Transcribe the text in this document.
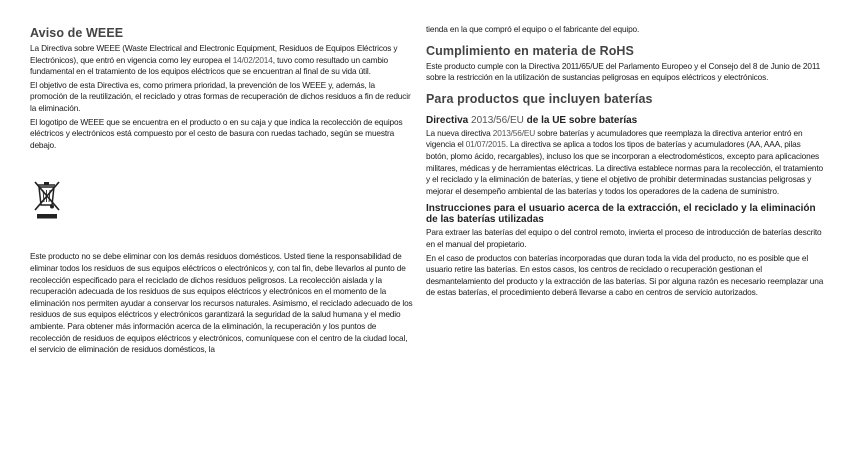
Aviso de WEEE

La Directiva sobre WEEE (Waste Electrical and Electronic Equipment, Residuos de Equipos Eléctricos y Electrónicos), que entró en vigencia como ley europea el 14/02/2014, tuvo como resultado un cambio fundamental en el tratamiento de los equipos eléctricos que se encuentran al final de su vida útil.

El objetivo de esta Directiva es, como primera prioridad, la prevención de los WEEE y, además, la promoción de la reutilización, el reciclado y otras formas de recuperación de dichos residuos a fin de reducir la eliminación.

El logotipo de WEEE que se encuentra en el producto o en su caja y que indica la recolección de equipos eléctricos y electrónicos está compuesto por el cesto de basura con ruedas tachado, según se muestra debajo.

Este producto no se debe eliminar con los demás residuos domésticos. Usted tiene la responsabilidad de eliminar todos los residuos de sus equipos eléctricos o electrónicos y, con tal fin, debe llevarlos al punto de recolección especificado para el reciclado de dichos residuos peligrosos. La recolección aislada y la recuperación adecuada de los residuos de sus equipos eléctricos y electrónicos en el momento de la eliminación nos permiten ayudar a conservar los recursos naturales. Asimismo, el reciclado adecuado de los residuos de sus equipos eléctricos y electrónicos garantizará la seguridad de la salud humana y el medio ambiente. Para obtener más información acerca de la eliminación, la recuperación y los puntos de recolección de residuos de equipos eléctricos y electrónicos, comuníquese con el centro de la ciudad local, el servicio de eliminación de residuos domésticos, la

tienda en la que compró el equipo o el fabricante del equipo.

Cumplimiento en materia de RoHS

Este producto cumple con la Directiva 2011/65/UE del Parlamento Europeo y el Consejo del 8 de Junio de 2011 sobre la restricción en la utilización de sustancias peligrosas en equipos eléctricos y electrónicos.

Para productos que incluyen baterías
Directiva 2013/56/EU de la UE sobre baterías

La nueva directiva 2013/56/EU sobre baterías y acumuladores que reemplaza la directiva anterior entró en vigencia el 01/07/2015. La directiva se aplica a todos los tipos de baterías y acumuladores (AA, AAA, pilas botón, plomo ácido, recargables), incluso los que se incorporan a electrodomésticos, excepto para aplicaciones militares, médicas y de herramientas eléctricas. La directiva establece normas para la recolección, el tratamiento y el reciclado y la eliminación de baterías, y tiene el objetivo de prohibir determinadas sustancias peligrosas y mejorar el desempeño ambiental de las baterías y todos los operadores de la cadena de suministro.

Instrucciones para el usuario acerca de la extracción, el reciclado y la eliminación de las baterías utilizadas

Para extraer las baterías del equipo o del control remoto, invierta el proceso de introducción de baterías descrito en el manual del propietario.

En el caso de productos con baterías incorporadas que duran toda la vida del producto, no es posible que el usuario retire las baterías. En estos casos, los centros de reciclado o recuperación gestionan el desmantelamiento del producto y la extracción de las baterías. Si por alguna razón es necesario reemplazar una de estas baterías, el procedimiento deberá llevarse a cabo en centros de servicio autorizados.
